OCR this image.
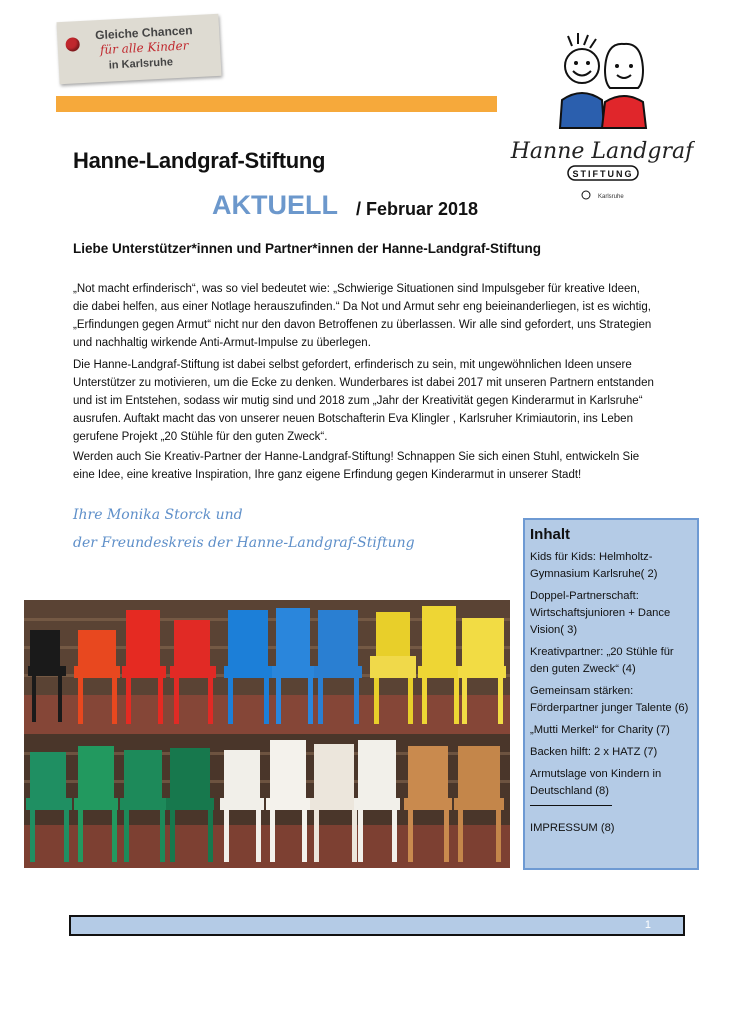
Gleiche Chancen
für alle Kinder
in Karlsruhe
Hanne-Landgraf-Stiftung
AKTUELL / Februar 2018
Hanne Landgraf
STIFTUNG
Karlsruhe
Liebe Unterstützer*innen und Partner*innen der Hanne-Landgraf-Stiftung
„Not macht erfinderisch“, was so viel bedeutet wie: „Schwierige Situationen sind Impulsgeber für kreative Ideen, die dabei helfen, aus einer Notlage herauszufinden.“ Da Not und Armut sehr eng beieinanderliegen, ist es wichtig, „Erfindungen gegen Armut“ nicht nur den davon Betroffenen zu überlassen. Wir alle sind gefordert, uns Strategien und nachhaltig wirkende Anti-Armut-Impulse zu überlegen.
Die Hanne-Landgraf-Stiftung ist dabei selbst gefordert, erfinderisch zu sein, mit ungewöhnlichen Ideen unsere Unterstützer zu motivieren, um die Ecke zu denken. Wunderbares ist dabei 2017 mit unseren Partnern entstanden und ist im Entstehen, sodass wir mutig sind und 2018 zum „Jahr der Kreativität gegen Kinderarmut in Karlsruhe“ ausrufen. Auftakt macht das von unserer neuen Botschafterin Eva Klingler , Karlsruher Krimiautorin, ins Leben gerufene Projekt „20 Stühle für den guten Zweck“.
Werden auch Sie Kreativ-Partner der Hanne-Landgraf-Stiftung! Schnappen Sie sich einen Stuhl, entwickeln Sie eine Idee, eine kreative Inspiration, Ihre ganz eigene Erfindung gegen Kinderarmut in unserer Stadt!
Ihre Monika Storck und
der Freundeskreis der Hanne-Landgraf-Stiftung	Inhalt
Kids für Kids: Helmholtz-Gymnasium Karlsruhe( 2)
Doppel-Partnerschaft: Wirtschaftsjunioren + Dance Vision( 3)
Kreativpartner: „20 Stühle für den guten Zweck“ (4)
Gemeinsam stärken: Förderpartner junger Talente (6)
„Mutti Merkel“ for Charity (7)
Backen hilft: 2 x HATZ (7)
Armutslage von Kindern in Deutschland (8)
IMPRESSUM (8)
1
